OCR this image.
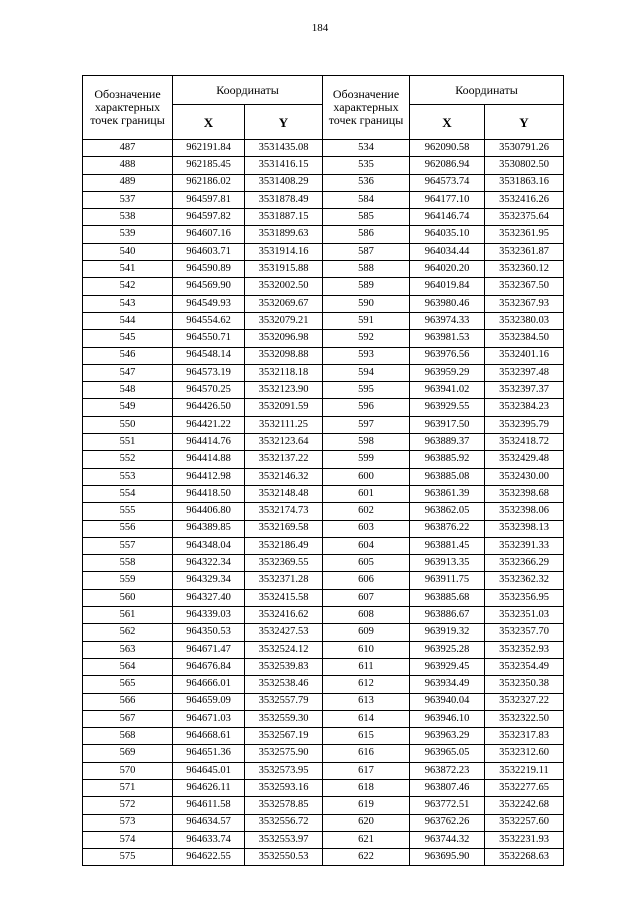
184
Обозначение характерных точек границы	Координаты		Обозначение характерных точек границы	Координаты	
	X	Y		X	Y
487	962191.84	3531435.08	534	962090.58	3530791.26
488	962185.45	3531416.15	535	962086.94	3530802.50
489	962186.02	3531408.29	536	964573.74	3531863.16
537	964597.81	3531878.49	584	964177.10	3532416.26
538	964597.82	3531887.15	585	964146.74	3532375.64
539	964607.16	3531899.63	586	964035.10	3532361.95
540	964603.71	3531914.16	587	964034.44	3532361.87
541	964590.89	3531915.88	588	964020.20	3532360.12
542	964569.90	3532002.50	589	964019.84	3532367.50
543	964549.93	3532069.67	590	963980.46	3532367.93
544	964554.62	3532079.21	591	963974.33	3532380.03
545	964550.71	3532096.98	592	963981.53	3532384.50
546	964548.14	3532098.88	593	963976.56	3532401.16
547	964573.19	3532118.18	594	963959.29	3532397.48
548	964570.25	3532123.90	595	963941.02	3532397.37
549	964426.50	3532091.59	596	963929.55	3532384.23
550	964421.22	3532111.25	597	963917.50	3532395.79
551	964414.76	3532123.64	598	963889.37	3532418.72
552	964414.88	3532137.22	599	963885.92	3532429.48
553	964412.98	3532146.32	600	963885.08	3532430.00
554	964418.50	3532148.48	601	963861.39	3532398.68
555	964406.80	3532174.73	602	963862.05	3532398.06
556	964389.85	3532169.58	603	963876.22	3532398.13
557	964348.04	3532186.49	604	963881.45	3532391.33
558	964322.34	3532369.55	605	963913.35	3532366.29
559	964329.34	3532371.28	606	963911.75	3532362.32
560	964327.40	3532415.58	607	963885.68	3532356.95
561	964339.03	3532416.62	608	963886.67	3532351.03
562	964350.53	3532427.53	609	963919.32	3532357.70
563	964671.47	3532524.12	610	963925.28	3532352.93
564	964676.84	3532539.83	611	963929.45	3532354.49
565	964666.01	3532538.46	612	963934.49	3532350.38
566	964659.09	3532557.79	613	963940.04	3532327.22
567	964671.03	3532559.30	614	963946.10	3532322.50
568	964668.61	3532567.19	615	963963.29	3532317.83
569	964651.36	3532575.90	616	963965.05	3532312.60
570	964645.01	3532573.95	617	963872.23	3532219.11
571	964626.11	3532593.16	618	963807.46	3532277.65
572	964611.58	3532578.85	619	963772.51	3532242.68
573	964634.57	3532556.72	620	963762.26	3532257.60
574	964633.74	3532553.97	621	963744.32	3532231.93
575	964622.55	3532550.53	622	963695.90	3532268.63
